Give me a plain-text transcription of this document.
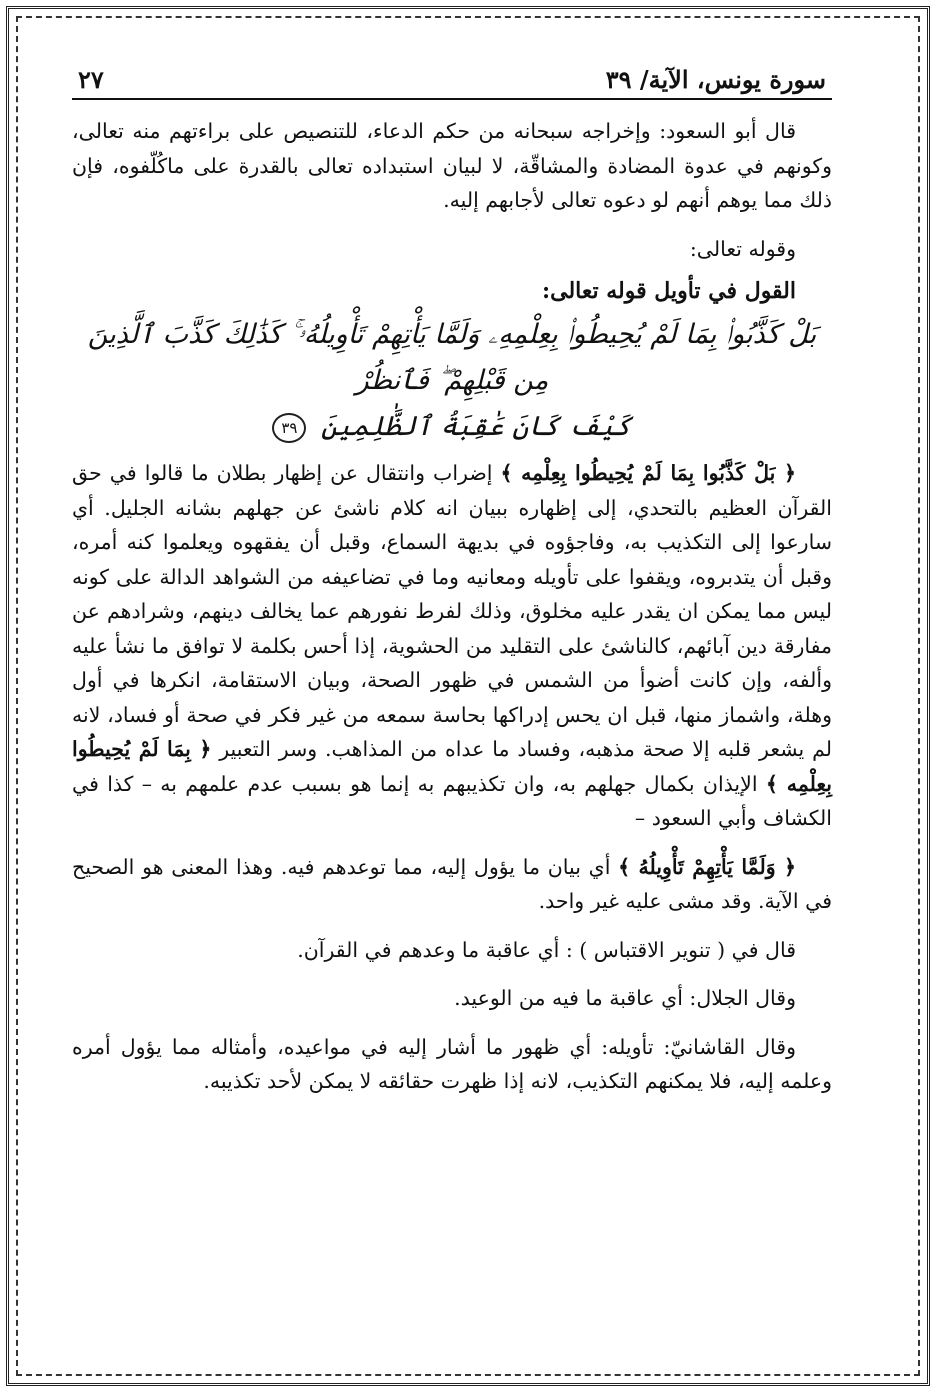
سورة يونس، الآية/ ٣٩
٢٧

قال أبو السعود: وإخراجه سبحانه من حكم الدعاء، للتنصيص على براءتهم منه تعالى، وكونهم في عدوة المضادة والمشاقّة، لا لبيان استبداده تعالى بالقدرة على ماكُلّفوه، فإن ذلك مما يوهم أنهم لو دعوه تعالى لأجابهم إليه.

وقوله تعالى:

القول في تأويل قوله تعالى:

بَلْ كَذَّبُوا۟ بِمَا لَمْ يُحِيطُوا۟ بِعِلْمِهِۦ وَلَمَّا يَأْتِهِمْ تَأْوِيلُهُۥ ۚ كَذَٰلِكَ كَذَّبَ ٱلَّذِينَ مِن قَبْلِهِمْ ۖ فَٱنظُرْ
كَيْفَ كَانَ عَٰقِبَةُ ٱلظَّٰلِمِينَ ٣٩

﴿ بَلْ كَذَّبُوا بِمَا لَمْ يُحِيطُوا بِعِلْمِه ﴾ إضراب وانتقال عن إظهار بطلان ما قالوا في حق القرآن العظيم بالتحدي، إلى إظهاره ببيان انه كلام ناشئ عن جهلهم بشانه الجليل. أي سارعوا إلى التكذيب به، وفاجؤوه في بديهة السماع، وقبل أن يفقهوه ويعلموا كنه أمره، وقبل أن يتدبروه، ويقفوا على تأويله ومعانيه وما في تضاعيفه من الشواهد الدالة على كونه ليس مما يمكن ان يقدر عليه مخلوق، وذلك لفرط نفورهم عما يخالف دينهم، وشرادهم عن مفارقة دين آبائهم، كالناشئ على التقليد من الحشوية، إذا أحس بكلمة لا توافق ما نشأ عليه وألفه، وإن كانت أضوأ من الشمس في ظهور الصحة، وبيان الاستقامة، انكرها في أول وهلة، واشماز منها، قبل ان يحس إدراكها بحاسة سمعه من غير فكر في صحة أو فساد، لانه لم يشعر قلبه إلا صحة مذهبه، وفساد ما عداه من المذاهب. وسر التعبير ﴿ بِمَا لَمْ يُحِيطُوا بِعِلْمِه ﴾ الإيذان بكمال جهلهم به، وان تكذيبهم به إنما هو بسبب عدم علمهم به – كذا في الكشاف وأبي السعود –

﴿ وَلَمَّا يَأْتِهِمْ تَأْوِيلُهُ ﴾ أي بيان ما يؤول إليه، مما توعدهم فيه. وهذا المعنى هو الصحيح في الآية. وقد مشى عليه غير واحد.

قال في ( تنوير الاقتباس ) : أي عاقبة ما وعدهم في القرآن.

وقال الجلال: أي عاقبة ما فيه من الوعيد.

وقال القاشانيّ: تأويله: أي ظهور ما أشار إليه في مواعيده، وأمثاله مما يؤول أمره وعلمه إليه، فلا يمكنهم التكذيب، لانه إذا ظهرت حقائقه لا يمكن لأحد تكذيبه.
